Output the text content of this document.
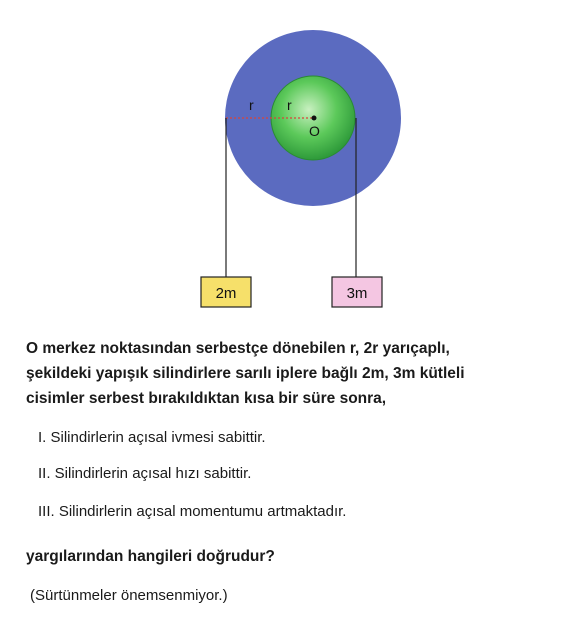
r r
O
2m	3m

O merkez noktasından serbestçe dönebilen r, 2r yarıçaplı,
şekildeki yapışık silindirlere sarılı iplere bağlı 2m, 3m kütleli
cisimler serbest bırakıldıktan kısa bir süre sonra,

I. Silindirlerin açısal ivmesi sabittir.

II. Silindirlerin açısal hızı sabittir.

III. Silindirlerin açısal momentumu artmaktadır.

yargılarından hangileri doğrudur?

(Sürtünmeler önemsenmiyor.)
